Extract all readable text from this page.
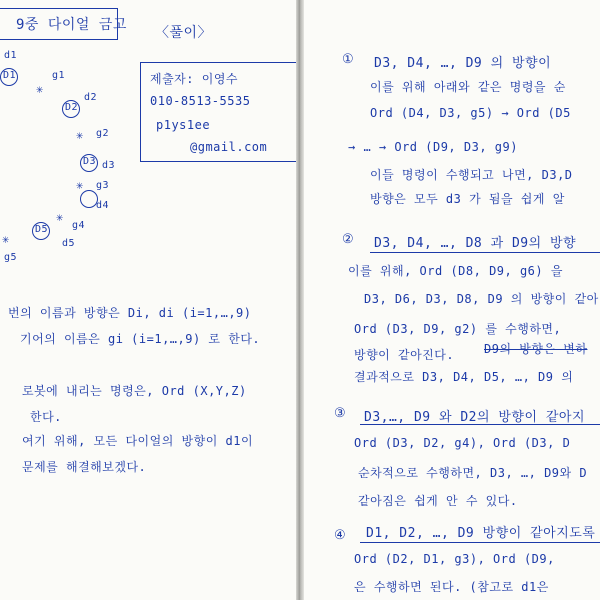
9중 다이얼 금고 〈풀이〉
제출자: 이영수
010-8513-5535
p1ys1ee
@gmail.com
d1
D1
✳
g1
D2
d2
✳ g2
D3 d3
✳ g3
d4
✳
g4
D5
d5
✳
g5
번의 이름과 방향은 Di, di (i=1,…,9)
기어의 이름은 gi (i=1,…,9) 로 한다.
로봇에 내리는 명령은, Ord (X,Y,Z)
한다.
여기 위해, 모든 다이얼의 방향이 d1이
문제를 해결해보겠다.
① D3, D4, …, D9 의 방향이
이를 위해 아래와 같은 명령을 순
Ord (D4, D3, g5) → Ord (D5
→ … → Ord (D9, D3, g9)
이들 명령이 수행되고 나면, D3,D
방향은 모두 d3 가 됨을 쉽게 알
② D3, D4, …, D8 과 D9의 방향
이를 위해, Ord (D8, D9, g6) 을
D3, D6, D3, D8, D9 의 방향이 같아
Ord (D3, D9, g2) 를 수행하면,
방향이 같아진다. D9의 방향은 변하
결과적으로 D3, D4, D5, …, D9 의
③ D3,…, D9 와 D2의 방향이 같아지
Ord (D3, D2, g4), Ord (D3, D
순차적으로 수행하면, D3, …, D9와 D
같아짐은 쉽게 안 수 있다.
④ D1, D2, …, D9 방향이 같아지도록
Ord (D2, D1, g3), Ord (D9,
은 수행하면 된다. (참고로 d1은
